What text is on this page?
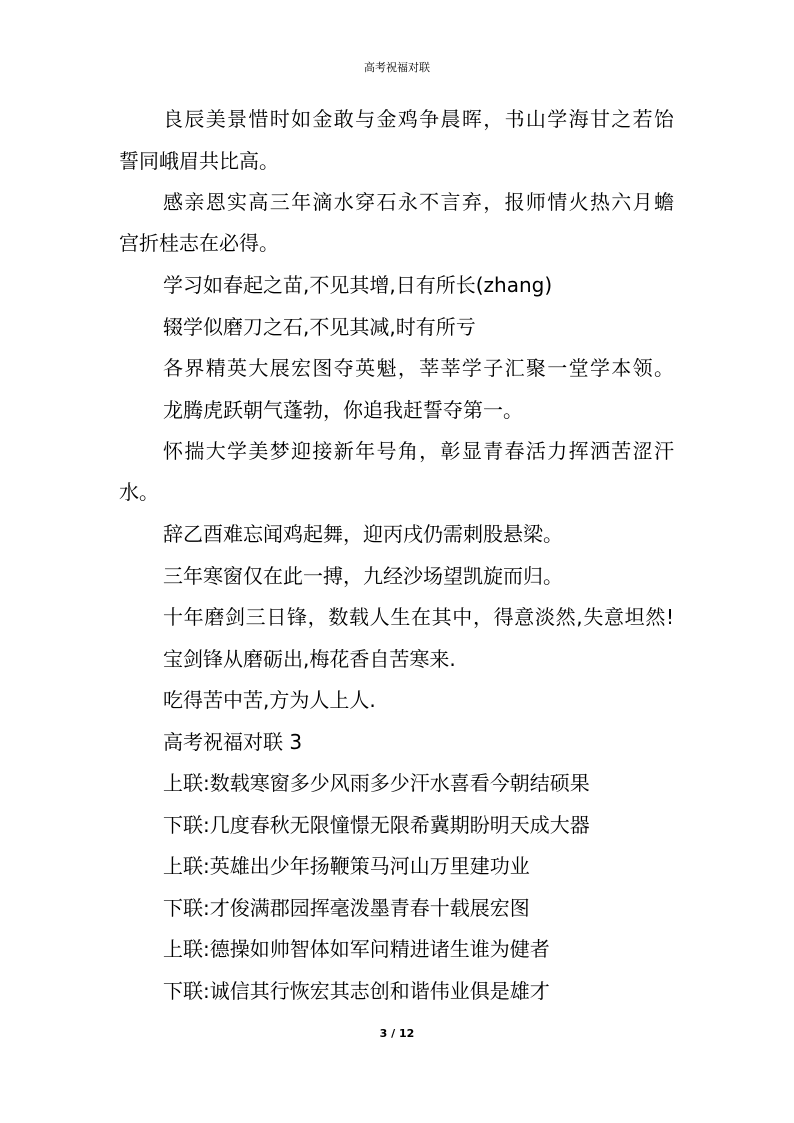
高考祝福对联
良辰美景惜时如金敢与金鸡争晨晖，书山学海甘之若饴
誓同峨眉共比高。
感亲恩实高三年滴水穿石永不言弃，报师情火热六月蟾
宫折桂志在必得。
学习如春起之苗,不见其增,日有所长(zhang)
辍学似磨刀之石,不见其减,时有所亏
各界精英大展宏图夺英魁，莘莘学子汇聚一堂学本领。
龙腾虎跃朝气蓬勃，你追我赶誓夺第一。
怀揣大学美梦迎接新年号角，彰显青春活力挥洒苦涩汗
水。
辞乙酉难忘闻鸡起舞，迎丙戌仍需刺股悬梁。
三年寒窗仅在此一搏，九经沙场望凯旋而归。
十年磨剑三日锋，数载人生在其中，得意淡然,失意坦然!
宝剑锋从磨砺出,梅花香自苦寒来.
吃得苦中苦,方为人上人.
高考祝福对联 3
上联:数载寒窗多少风雨多少汗水喜看今朝结硕果
下联:几度春秋无限憧憬无限希冀期盼明天成大器
上联:英雄出少年扬鞭策马河山万里建功业
下联:才俊满郡园挥毫泼墨青春十载展宏图
上联:德操如帅智体如军问精进诸生谁为健者
下联:诚信其行恢宏其志创和谐伟业俱是雄才
3 / 12
